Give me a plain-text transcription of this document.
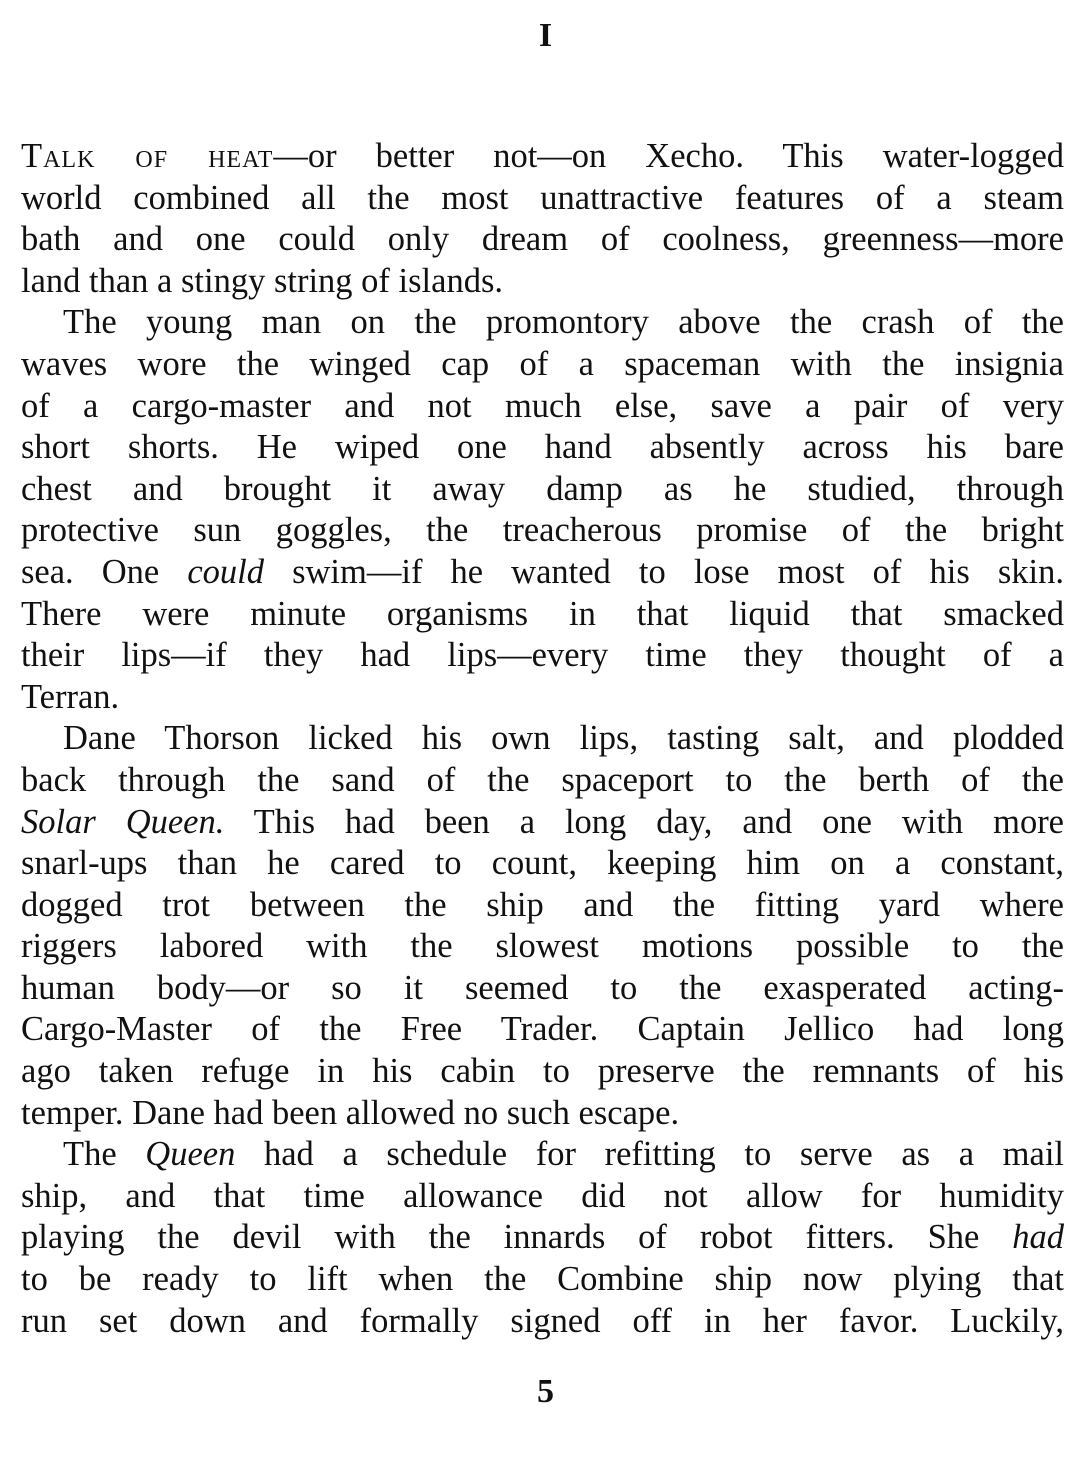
I
Talk of heat—or better not—on Xecho. This water-logged
world combined all the most unattractive features of a steam
bath and one could only dream of coolness, greenness—more
land than a stingy string of islands.
The young man on the promontory above the crash of the
waves wore the winged cap of a spaceman with the insignia
of a cargo-master and not much else, save a pair of very
short shorts. He wiped one hand absently across his bare
chest and brought it away damp as he studied, through
protective sun goggles, the treacherous promise of the bright
sea. One could swim—if he wanted to lose most of his skin.
There were minute organisms in that liquid that smacked
their lips—if they had lips—every time they thought of a
Terran.
Dane Thorson licked his own lips, tasting salt, and plodded
back through the sand of the spaceport to the berth of the
Solar Queen. This had been a long day, and one with more
snarl-ups than he cared to count, keeping him on a constant,
dogged trot between the ship and the fitting yard where
riggers labored with the slowest motions possible to the
human body—or so it seemed to the exasperated acting-
Cargo-Master of the Free Trader. Captain Jellico had long
ago taken refuge in his cabin to preserve the remnants of his
temper. Dane had been allowed no such escape.
The Queen had a schedule for refitting to serve as a mail
ship, and that time allowance did not allow for humidity
playing the devil with the innards of robot fitters. She had
to be ready to lift when the Combine ship now plying that
run set down and formally signed off in her favor. Luckily,
5
